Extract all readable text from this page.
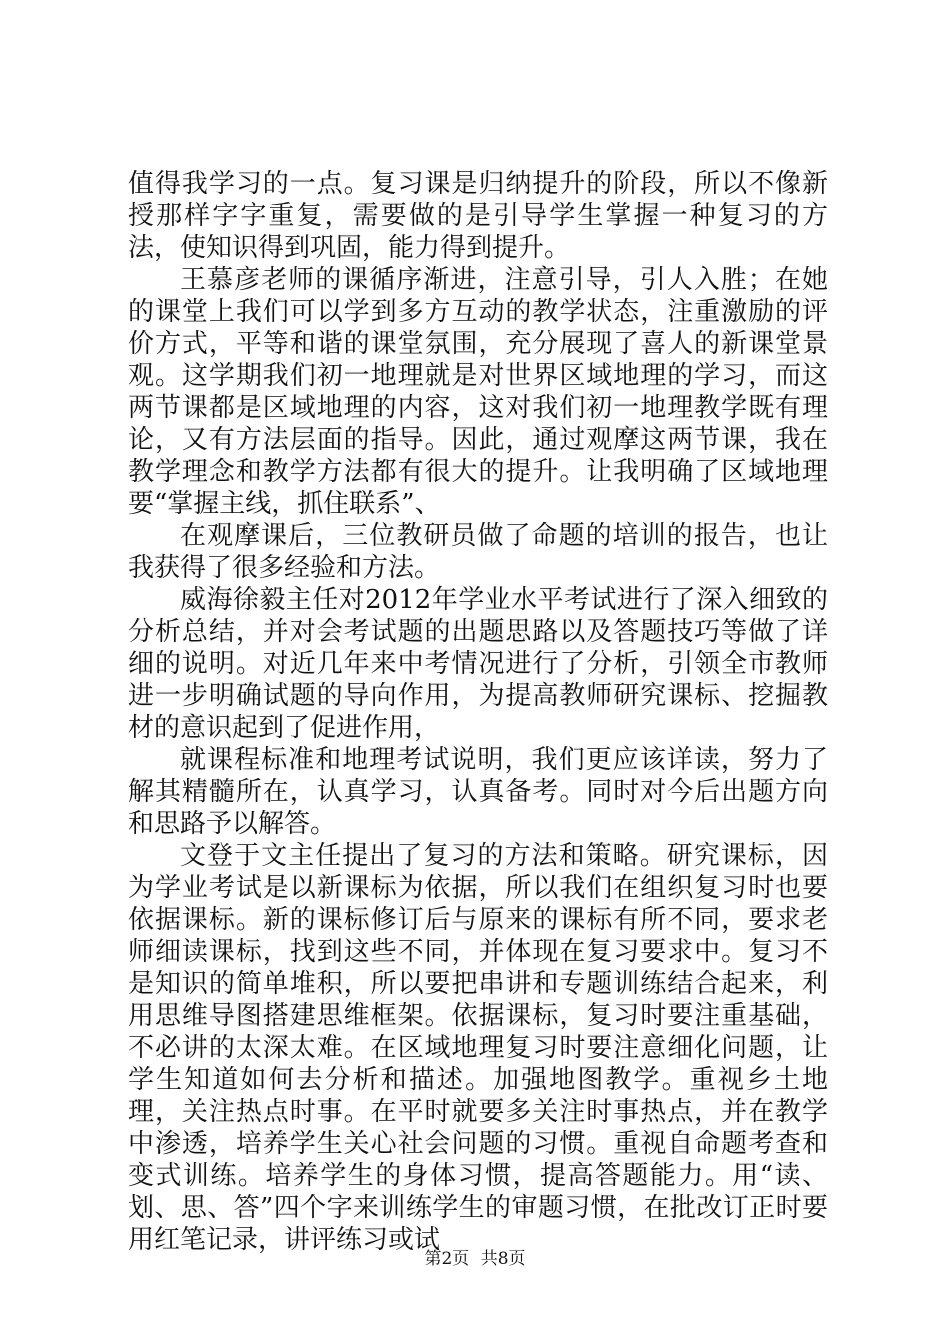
值得我学习的一点。复习课是归纳提升的阶段，所以不像新授那样字字重复，需要做的是引导学生掌握一种复习的方法，使知识得到巩固，能力得到提升。

王慕彦老师的课循序渐进，注意引导，引人入胜；在她的课堂上我们可以学到多方互动的教学状态，注重激励的评价方式，平等和谐的课堂氛围，充分展现了喜人的新课堂景观。这学期我们初一地理就是对世界区域地理的学习，而这两节课都是区域地理的内容，这对我们初一地理教学既有理论，又有方法层面的指导。因此，通过观摩这两节课，我在教学理念和教学方法都有很大的提升。让我明确了区域地理要“掌握主线，抓住联系”、

在观摩课后，三位教研员做了命题的培训的报告，也让我获得了很多经验和方法。

威海徐毅主任对2012年学业水平考试进行了深入细致的分析总结，并对会考试题的出题思路以及答题技巧等做了详细的说明。对近几年来中考情况进行了分析，引领全市教师进一步明确试题的导向作用，为提高教师研究课标、挖掘教材的意识起到了促进作用，

就课程标准和地理考试说明，我们更应该详读，努力了解其精髓所在，认真学习，认真备考。同时对今后出题方向和思路予以解答。

文登于文主任提出了复习的方法和策略。研究课标，因为学业考试是以新课标为依据，所以我们在组织复习时也要依据课标。新的课标修订后与原来的课标有所不同，要求老师细读课标，找到这些不同，并体现在复习要求中。复习不是知识的简单堆积，所以要把串讲和专题训练结合起来，利用思维导图搭建思维框架。依据课标，复习时要注重基础，不必讲的太深太难。在区域地理复习时要注意细化问题，让学生知道如何去分析和描述。加强地图教学。重视乡土地理，关注热点时事。在平时就要多关注时事热点，并在教学中渗透，培养学生关心社会问题的习惯。重视自命题考查和变式训练。培养学生的身体习惯，提高答题能力。用“读、划、思、答”四个字来训练学生的审题习惯，在批改订正时要用红笔记录，讲评练习或试

第2页 共8页
